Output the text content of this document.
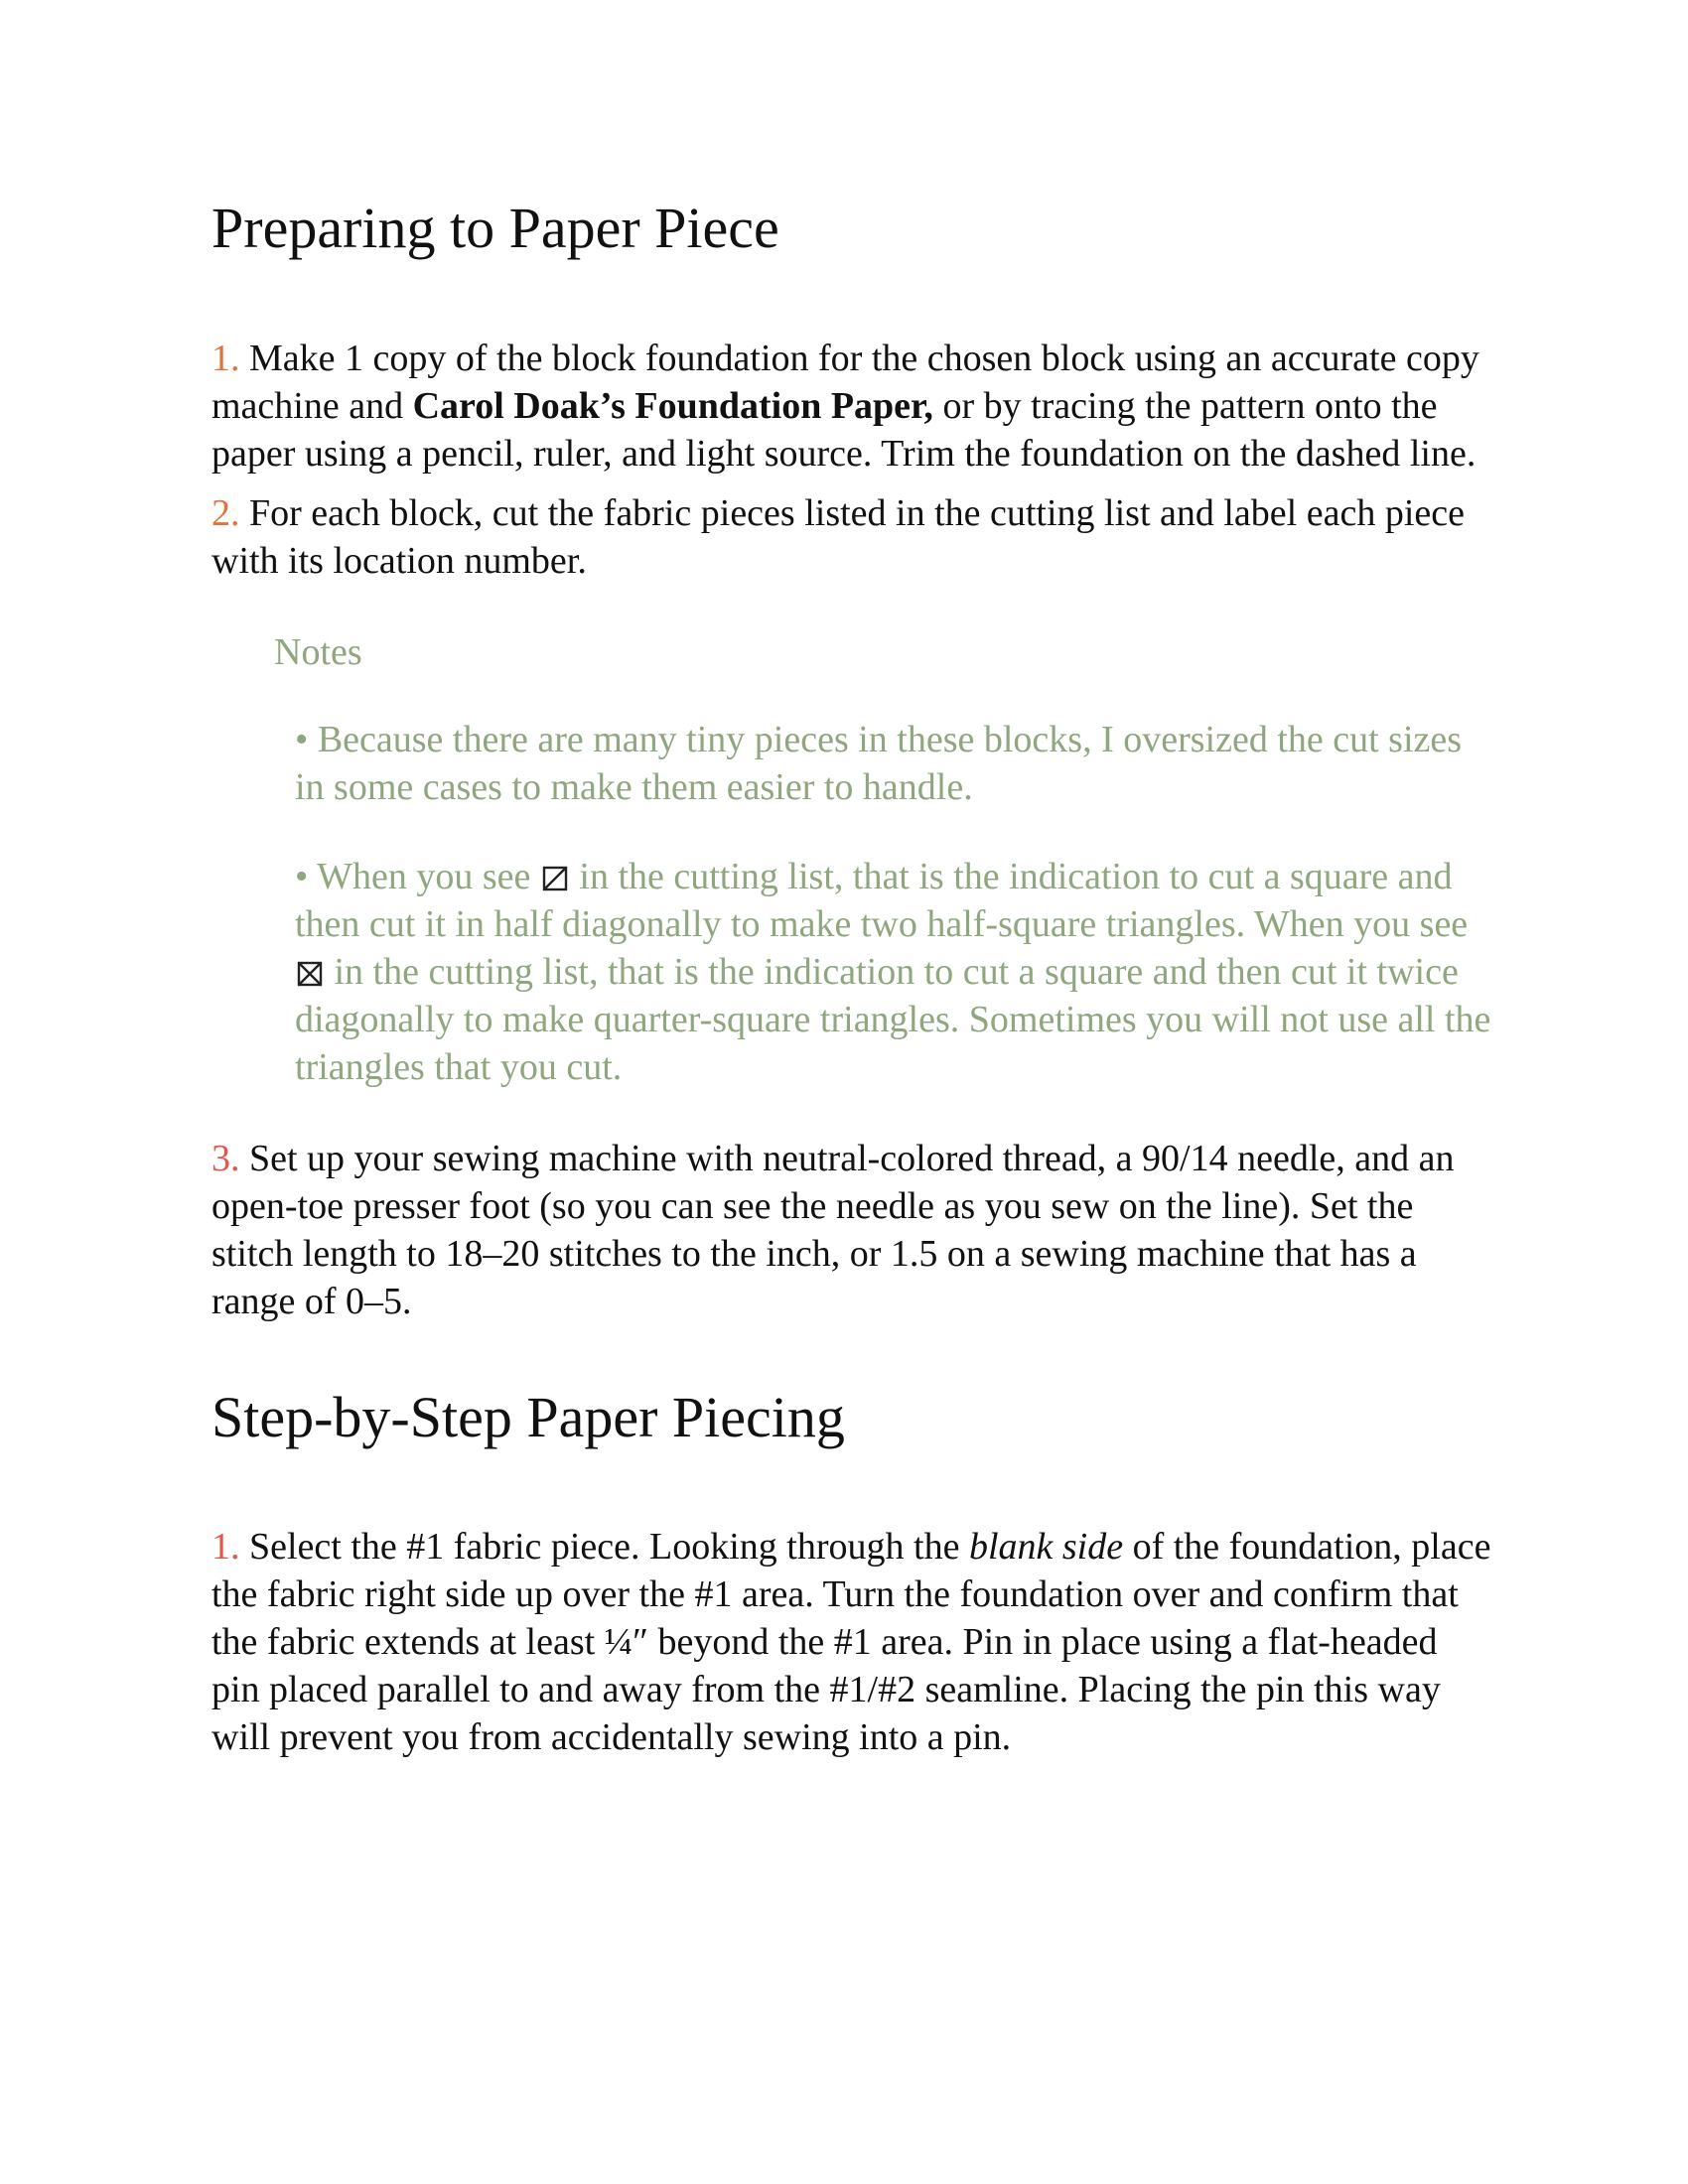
Preparing to Paper Piece

1. Make 1 copy of the block foundation for the chosen block using an accurate copy machine and Carol Doak’s Foundation Paper, or by tracing the pattern onto the paper using a pencil, ruler, and light source. Trim the foundation on the dashed line.

2. For each block, cut the fabric pieces listed in the cutting list and label each piece with its location number.

Notes

• Because there are many tiny pieces in these blocks, I oversized the cut sizes in some cases to make them easier to handle.

• When you see  in the cutting list, that is the indication to cut a square and then cut it in half diagonally to make two half-square triangles. When you see  in the cutting list, that is the indication to cut a square and then cut it twice diagonally to make quarter-square triangles. Sometimes you will not use all the triangles that you cut.

3. Set up your sewing machine with neutral-colored thread, a 90/14 needle, and an open-toe presser foot (so you can see the needle as you sew on the line). Set the stitch length to 18–20 stitches to the inch, or 1.5 on a sewing machine that has a range of 0–5.

Step-by-Step Paper Piecing

1. Select the #1 fabric piece. Looking through the blank side of the foundation, place the fabric right side up over the #1 area. Turn the foundation over and confirm that the fabric extends at least ¼″ beyond the #1 area. Pin in place using a flat-headed pin placed parallel to and away from the #1/#2 seamline. Placing the pin this way will prevent you from accidentally sewing into a pin.
